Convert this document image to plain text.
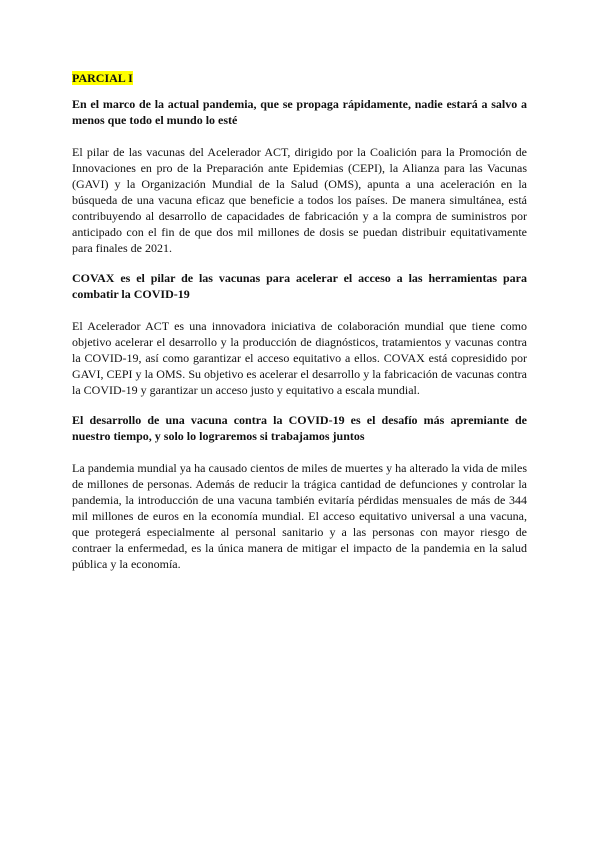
PARCIAL I
En el marco de la actual pandemia, que se propaga rápidamente, nadie estará a salvo a menos que todo el mundo lo esté

El pilar de las vacunas del Acelerador ACT, dirigido por la Coalición para la Promoción de Innovaciones en pro de la Preparación ante Epidemias (CEPI), la Alianza para las Vacunas (GAVI) y la Organización Mundial de la Salud (OMS), apunta a una aceleración en la búsqueda de una vacuna eficaz que beneficie a todos los países. De manera simultánea, está contribuyendo al desarrollo de capacidades de fabricación y a la compra de suministros por anticipado con el fin de que dos mil millones de dosis se puedan distribuir equitativamente para finales de 2021.

COVAX es el pilar de las vacunas para acelerar el acceso a las herramientas para combatir la COVID-19

El Acelerador ACT es una innovadora iniciativa de colaboración mundial que tiene como objetivo acelerar el desarrollo y la producción de diagnósticos, tratamientos y vacunas contra la COVID-19, así como garantizar el acceso equitativo a ellos. COVAX está copresidido por GAVI, CEPI y la OMS. Su objetivo es acelerar el desarrollo y la fabricación de vacunas contra la COVID-19 y garantizar un acceso justo y equitativo a escala mundial.

El desarrollo de una vacuna contra la COVID-19 es el desafío más apremiante de nuestro tiempo, y solo lo lograremos si trabajamos juntos

La pandemia mundial ya ha causado cientos de miles de muertes y ha alterado la vida de miles de millones de personas. Además de reducir la trágica cantidad de defunciones y controlar la pandemia, la introducción de una vacuna también evitaría pérdidas mensuales de más de 344 mil millones de euros en la economía mundial. El acceso equitativo universal a una vacuna, que protegerá especialmente al personal sanitario y a las personas con mayor riesgo de contraer la enfermedad, es la única manera de mitigar el impacto de la pandemia en la salud pública y la economía.
